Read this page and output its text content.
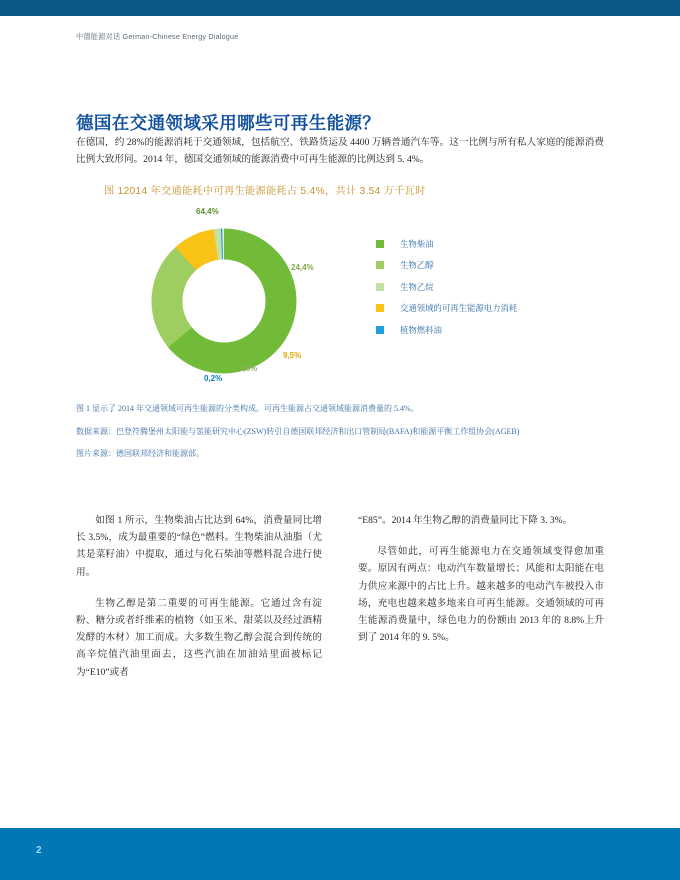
中德能源对话 German-Chinese Energy Dialogue
德国在交通领域采用哪些可再生能源？

在德国，约 28%的能源消耗于交通领域，包括航空、铁路货运及 4400 万辆普通汽车等。这一比例与所有私人家庭的能源消费比例大致形同。2014 年，德国交通领域的能源消费中可再生能源的比例达到 5. 4%。

图 12014 年交通能耗中可再生能源能耗占 5.4%，共计 3.54 万千瓦时
64,4%
24,4%
9,5%
1,6%
0,2%
生物柴油
生物乙醇
生物乙烷
交通领域的可再生能源电力消耗
植物燃料油

图 1 显示了 2014 年交通领域可再生能源的分类构成。可再生能源占交通领域能源消费量的 5.4%。

数据来源：巴登符腾堡州太阳能与氢能研究中心(ZSW)转引自德国联邦经济和出口管制局(BAFA)和能源平衡工作组协会(AGEB)

图片来源：德国联邦经济和能源部。

如图 1 所示，生物柴油占比达到 64%，消费量同比增长 3.5%，成为最重要的“绿色”燃料。生物柴油从油脂（尤其是菜籽油）中提取，通过与化石柴油等燃料混合进行使用。

生物乙醇是第二重要的可再生能源。它通过含有淀粉、糖分或者纤维素的植物（如玉米、甜菜以及经过酒精发酵的木材）加工而成。大多数生物乙醇会混合到传统的高辛烷值汽油里面去，这些汽油在加油站里面被标记为“E10”或者

“E85”。2014 年生物乙醇的消费量同比下降 3. 3%。

尽管如此，可再生能源电力在交通领域变得愈加重要。原因有两点：电动汽车数量增长；风能和太阳能在电力供应来源中的占比上升。越来越多的电动汽车被投入市场，充电也越来越多地来自可再生能源。交通领域的可再生能源消费量中，绿色电力的份额由 2013 年的 8.8%上升到了 2014 年的 9. 5%。

2
